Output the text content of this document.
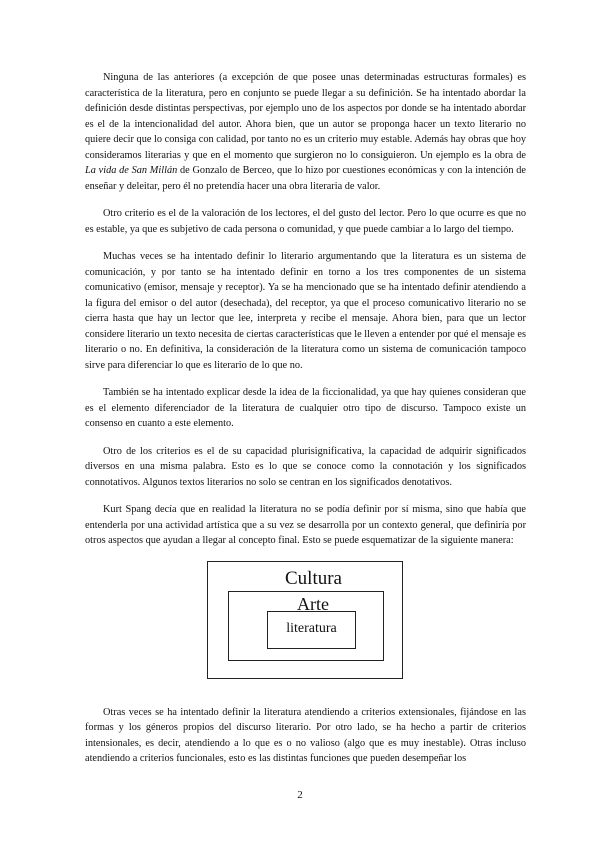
Ninguna de las anteriores (a excepción de que posee unas determinadas estructuras formales) es característica de la literatura, pero en conjunto se puede llegar a su definición. Se ha intentado abordar la definición desde distintas perspectivas, por ejemplo uno de los aspectos por donde se ha intentado abordar es el de la intencionalidad del autor. Ahora bien, que un autor se proponga hacer un texto literario no quiere decir que lo consiga con calidad, por tanto no es un criterio muy estable. Además hay obras que hoy consideramos literarias y que en el momento que surgieron no lo consiguieron. Un ejemplo es la obra de La vida de San Millán de Gonzalo de Berceo, que lo hizo por cuestiones económicas y con la intención de enseñar y deleitar, pero él no pretendía hacer una obra literaria de valor.

Otro criterio es el de la valoración de los lectores, el del gusto del lector. Pero lo que ocurre es que no es estable, ya que es subjetivo de cada persona o comunidad, y que puede cambiar a lo largo del tiempo.

Muchas veces se ha intentado definir lo literario argumentando que la literatura es un sistema de comunicación, y por tanto se ha intentado definir en torno a los tres componentes de un sistema comunicativo (emisor, mensaje y receptor). Ya se ha mencionado que se ha intentado definir atendiendo a la figura del emisor o del autor (desechada), del receptor, ya que el proceso comunicativo literario no se cierra hasta que hay un lector que lee, interpreta y recibe el mensaje. Ahora bien, para que un lector considere literario un texto necesita de ciertas características que le lleven a entender por qué el mensaje es literario o no. En definitiva, la consideración de la literatura como un sistema de comunicación tampoco sirve para diferenciar lo que es literario de lo que no.

También se ha intentado explicar desde la idea de la ficcionalidad, ya que hay quienes consideran que es el elemento diferenciador de la literatura de cualquier otro tipo de discurso. Tampoco existe un consenso en cuanto a este elemento.

Otro de los criterios es el de su capacidad plurisignificativa, la capacidad de adquirir significados diversos en una misma palabra. Esto es lo que se conoce como la connotación y los significados connotativos. Algunos textos literarios no solo se centran en los significados denotativos.

Kurt Spang decía que en realidad la literatura no se podía definir por sí misma, sino que había que entenderla por una actividad artística que a su vez se desarrolla por un contexto general, que definiría por otros aspectos que ayudan a llegar al concepto final. Esto se puede esquematizar de la siguiente manera:

literatura
Cultura
Arte

Otras veces se ha intentado definir la literatura atendiendo a criterios extensionales, fijándose en las formas y los géneros propios del discurso literario. Por otro lado, se ha hecho a partir de criterios intensionales, es decir, atendiendo a lo que es o no valioso (algo que es muy inestable). Otras incluso atendiendo a criterios funcionales, esto es las distintas funciones que pueden desempeñar los

2
